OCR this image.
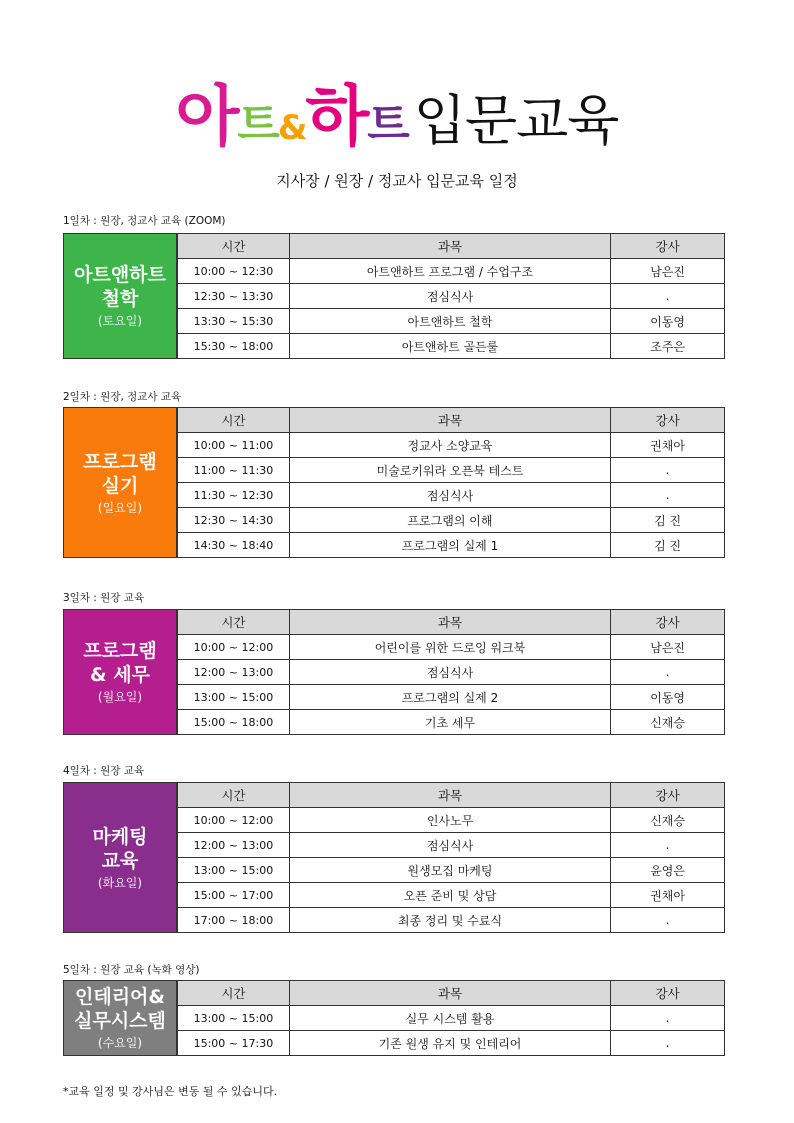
아트&하트 입문교육
지사장 / 원장 / 정교사 입문교육 일정
1일차 : 원장, 정교사 교육 (ZOOM)
아트앤하트
철학
(토요일)
시간	과목	강사
10:00 ~ 12:30	아트앤하트 프로그램 / 수업구조	남은진
12:30 ~ 13:30	점심식사	.
13:30 ~ 15:30	아트앤하트 철학	이동영
15:30 ~ 18:00	아트앤하트 골든룰	조주은
2일차 : 원장, 정교사 교육
프로그램
실기
(일요일)
시간	과목	강사
10:00 ~ 11:00	정교사 소양교육	권채아
11:00 ~ 11:30	미술로키워라 오픈북 테스트	.
11:30 ~ 12:30	점심식사	.
12:30 ~ 14:30	프로그램의 이해	김 진
14:30 ~ 18:40	프로그램의 실제 1	김 진
3일차 : 원장 교육
프로그램
& 세무
(월요일)
시간	과목	강사
10:00 ~ 12:00	어린이를 위한 드로잉 워크북	남은진
12:00 ~ 13:00	점심식사	.
13:00 ~ 15:00	프로그램의 실제 2	이동영
15:00 ~ 18:00	기초 세무	신재승
4일차 : 원장 교육
마케팅
교육
(화요일)
시간	과목	강사
10:00 ~ 12:00	인사노무	신재승
12:00 ~ 13:00	점심식사	.
13:00 ~ 15:00	원생모집 마케팅	윤영은
15:00 ~ 17:00	오픈 준비 및 상담	권채아
17:00 ~ 18:00	최종 정리 및 수료식	.
5일차 : 원장 교육 (녹화 영상)
인테리어&
실무시스템
(수요일)
시간	과목	강사
13:00 ~ 15:00	실무 시스템 활용	.
15:00 ~ 17:30	기존 원생 유지 및 인테리어	.
*교육 일정 및 강사님은 변동 될 수 있습니다.
